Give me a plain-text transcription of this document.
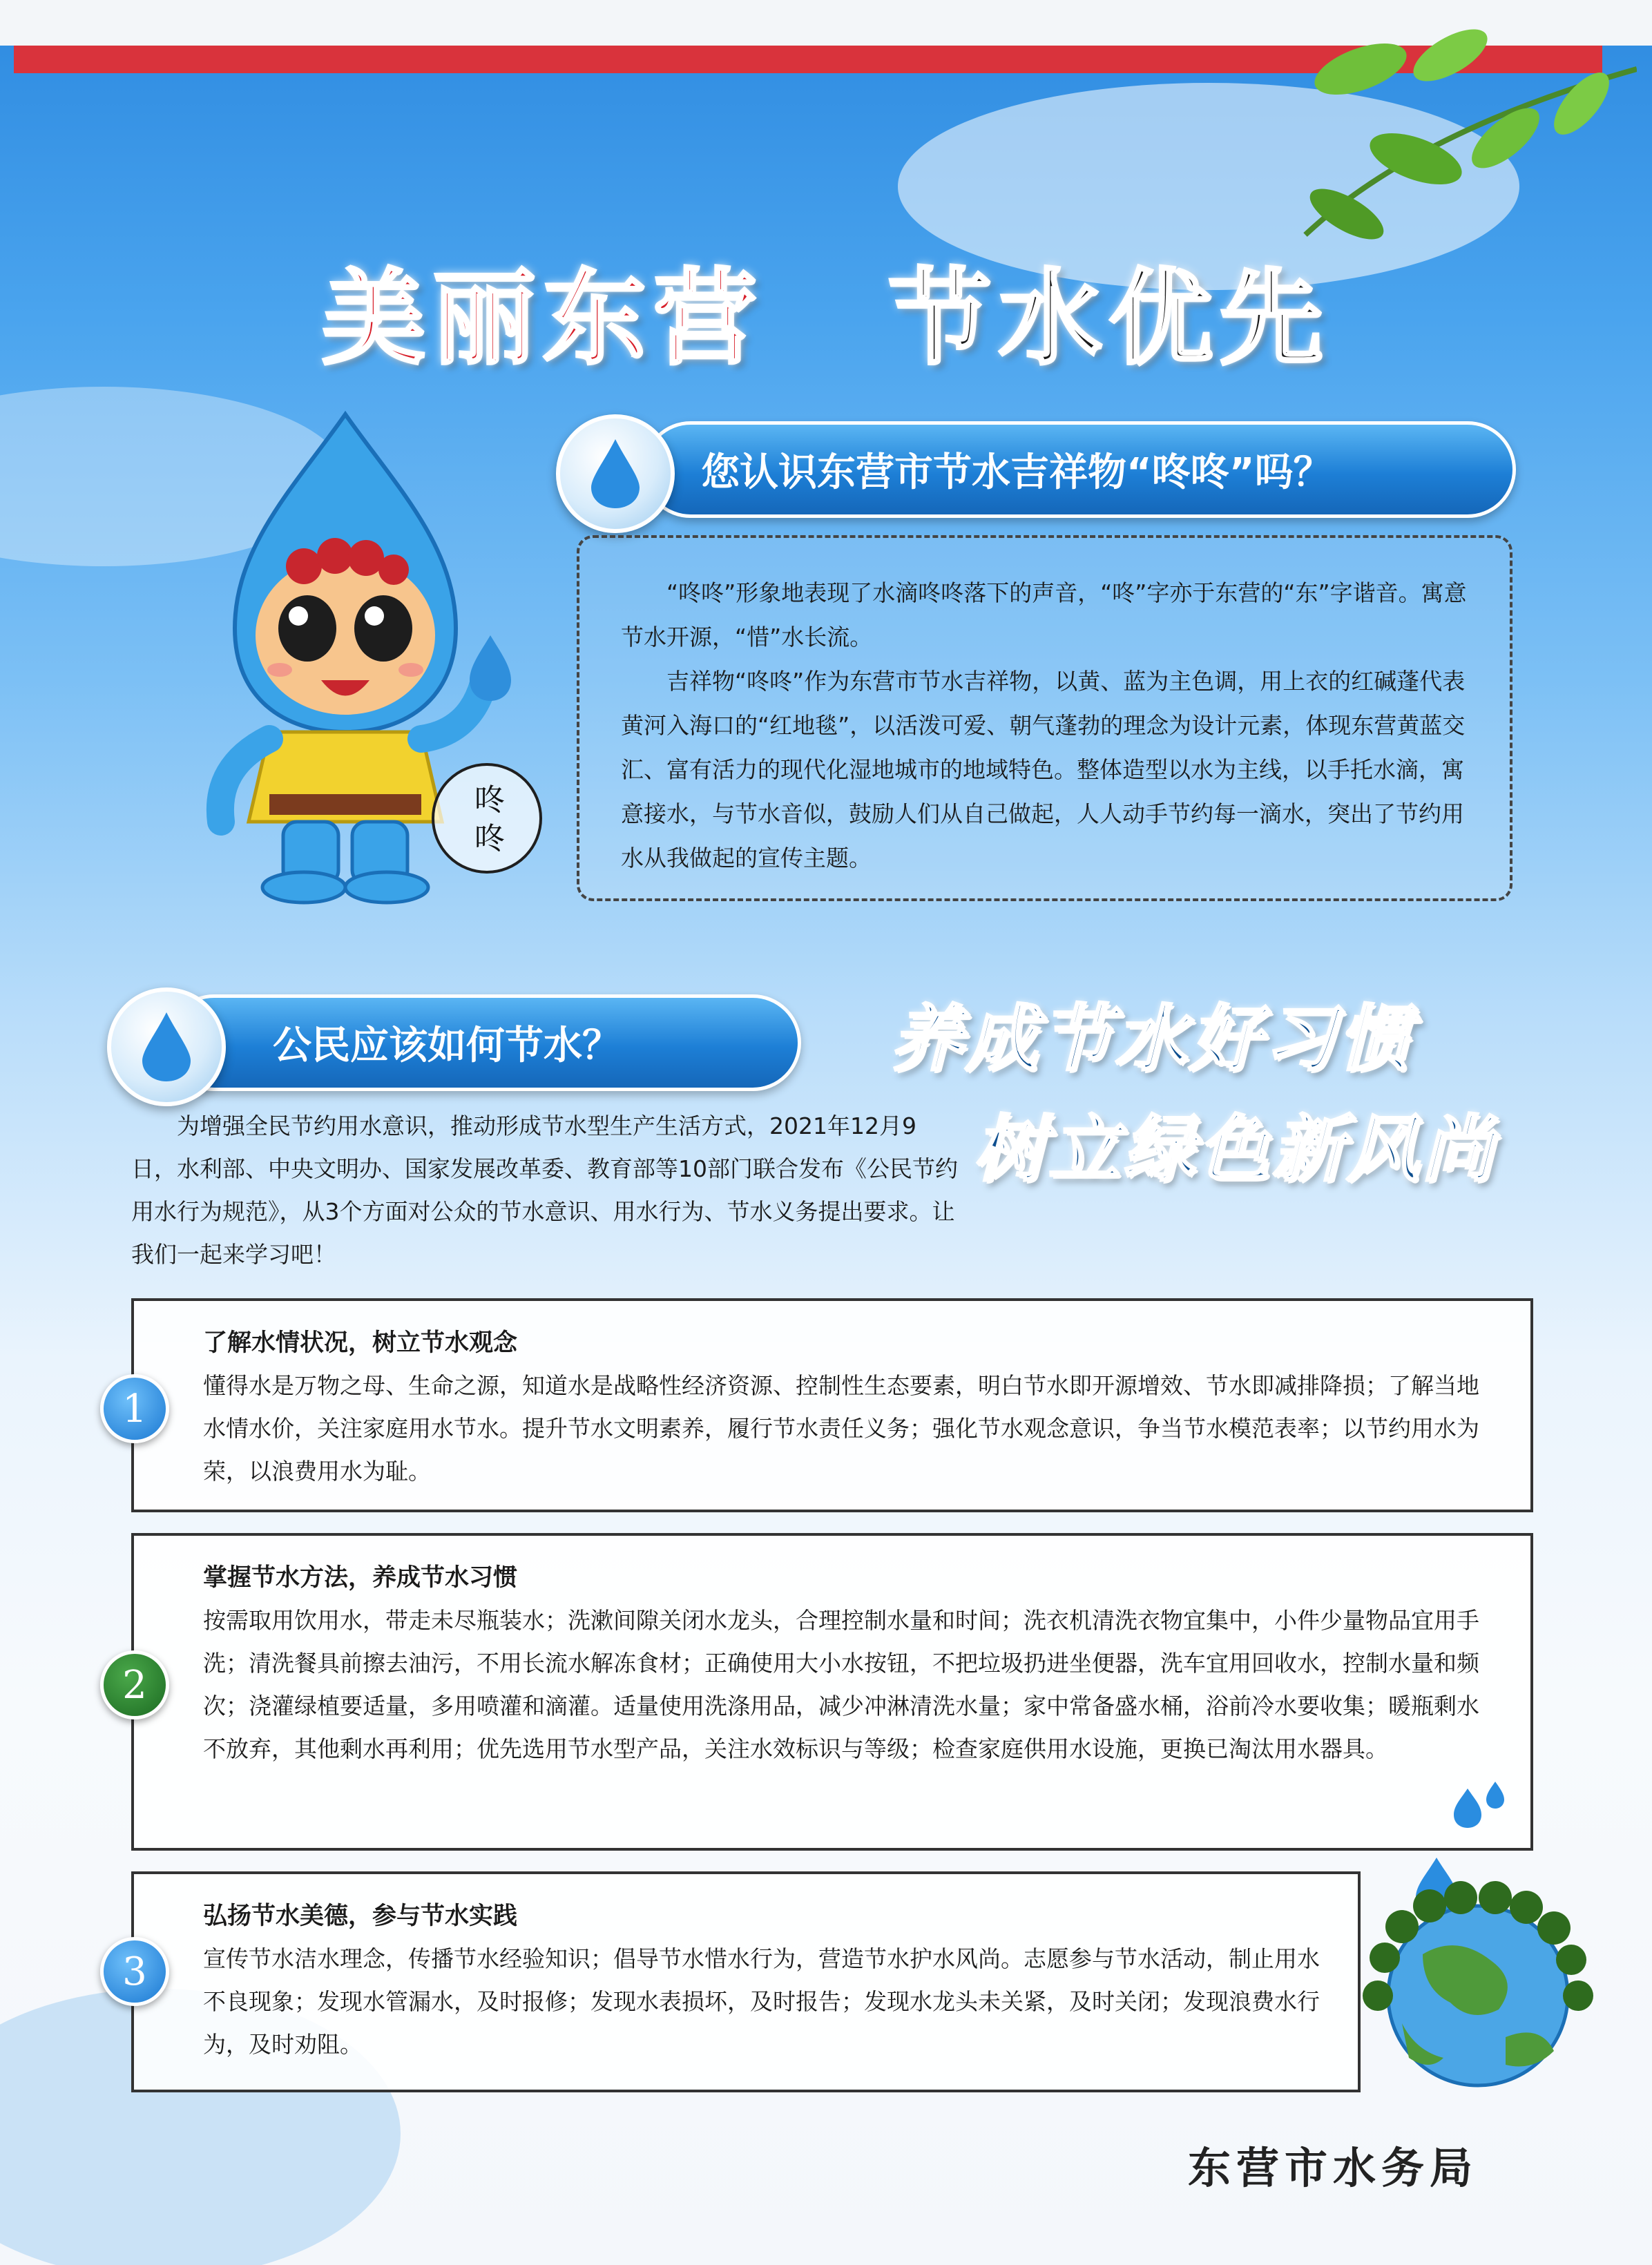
美丽东营 节水优先
咚咚
您认识东营市节水吉祥物“咚咚”吗？

“咚咚”形象地表现了水滴咚咚落下的声音，“咚”字亦于东营的“东”字谐音。寓意节水开源，“惜”水长流。

吉祥物“咚咚”作为东营市节水吉祥物，以黄、蓝为主色调，用上衣的红碱蓬代表黄河入海口的“红地毯”，以活泼可爱、朝气蓬勃的理念为设计元素，体现东营黄蓝交汇、富有活力的现代化湿地城市的地域特色。整体造型以水为主线，以手托水滴，寓意接水，与节水音似，鼓励人们从自己做起，人人动手节约每一滴水，突出了节约用水从我做起的宣传主题。

公民应该如何节水？
为增强全民节约用水意识，推动形成节水型生产生活方式，2021年12月9日，水利部、中央文明办、国家发展改革委、教育部等10部门联合发布《公民节约用水行为规范》，从3个方面对公众的节水意识、用水行为、节水义务提出要求。让我们一起来学习吧！
养成节水好习惯
树立绿色新风尚
了解水情状况，树立节水观念
懂得水是万物之母、生命之源，知道水是战略性经济资源、控制性生态要素，明白节水即开源增效、节水即减排降损；了解当地水情水价，关注家庭用水节水。提升节水文明素养，履行节水责任义务；强化节水观念意识，争当节水模范表率；以节约用水为荣，以浪费用水为耻。
1
掌握节水方法，养成节水习惯
按需取用饮用水，带走未尽瓶装水；洗漱间隙关闭水龙头，合理控制水量和时间；洗衣机清洗衣物宜集中，小件少量物品宜用手洗；清洗餐具前擦去油污，不用长流水解冻食材；正确使用大小水按钮，不把垃圾扔进坐便器，洗车宜用回收水，控制水量和频次；浇灌绿植要适量，多用喷灌和滴灌。适量使用洗涤用品，减少冲淋清洗水量；家中常备盛水桶，浴前冷水要收集；暖瓶剩水不放弃，其他剩水再利用；优先选用节水型产品，关注水效标识与等级；检查家庭供用水设施，更换已淘汰用水器具。
2
弘扬节水美德，参与节水实践
宣传节水洁水理念，传播节水经验知识；倡导节水惜水行为，营造节水护水风尚。志愿参与节水活动，制止用水不良现象；发现水管漏水，及时报修；发现水表损坏，及时报告；发现水龙头未关紧，及时关闭；发现浪费水行为，及时劝阻。
3
东营市水务局
